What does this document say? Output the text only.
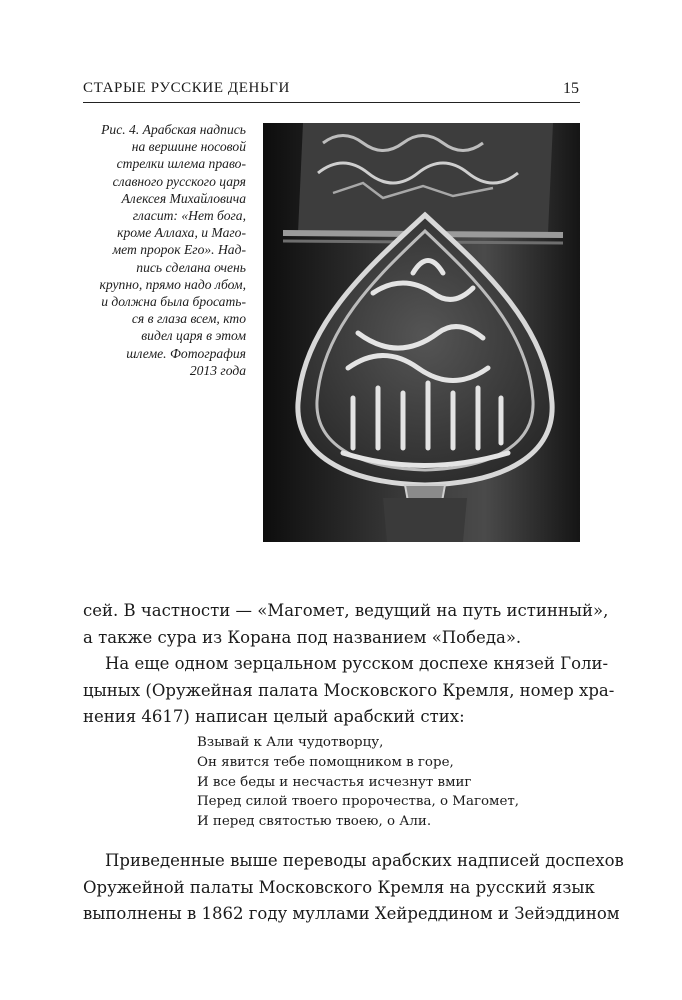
СТАРЫЕ РУССКИЕ ДЕНЬГИ	15
Рис. 4. Арабская надпись
на вершине носовой
стрелки шлема право-
славного русского царя
Алексея Михайловича
гласит: «Нет бога,
кроме Аллаха, и Маго-
мет пророк Его». Над-
пись сделана очень
крупно, прямо надо лбом,
и должна была бросать-
ся в глаза всем, кто
видел царя в этом
шлеме. Фотография
2013 года
сей. В частности — «Магомет, ведущий на путь истинный»,
а также сура из Корана под названием «Победа».
На еще одном зерцальном русском доспехе князей Голи-
цыных (Оружейная палата Московского Кремля, номер хра-
нения 4617) написан целый арабский стих:
Взывай к Али чудотворцу,
Он явится тебе помощником в горе,
И все беды и несчастья исчезнут вмиг
Перед силой твоего пророчества, о Магомет,
И перед святостью твоею, о Али.
Приведенные выше переводы арабских надписей доспехов
Оружейной палаты Московского Кремля на русский язык
выполнены в 1862 году муллами Хейреддином и Зейэддином
